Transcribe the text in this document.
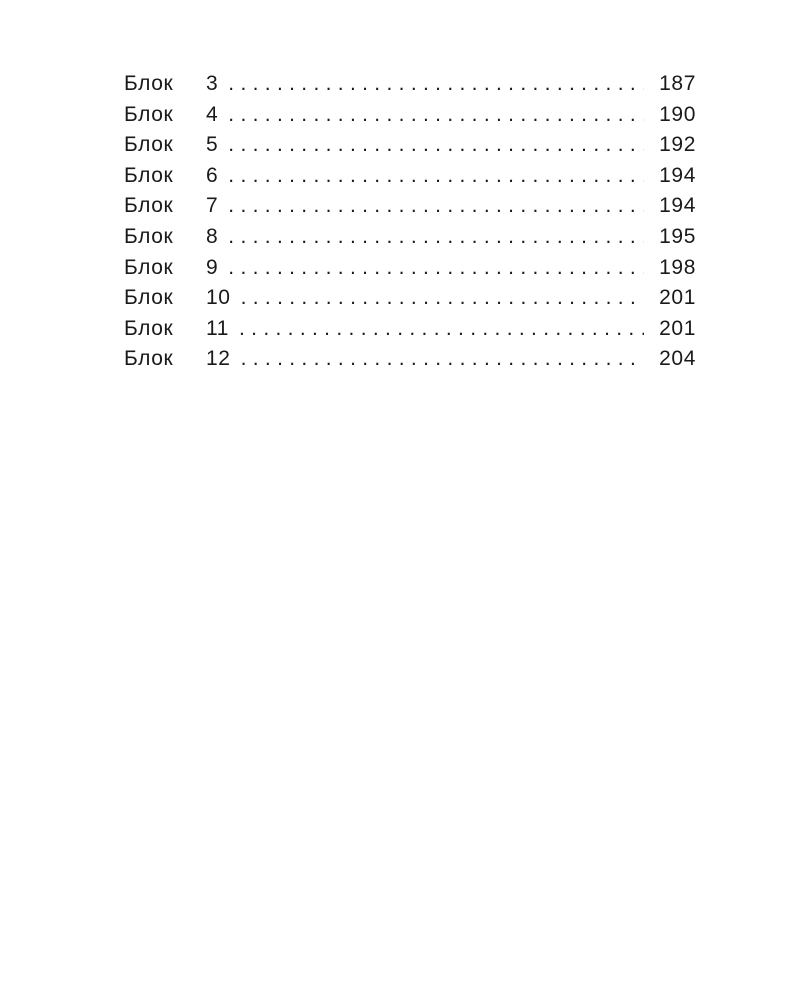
Блок 3 . . .	187
Блок 4 . . .	190
Блок 5 . . .	192
Блок 6 . . .	194
Блок 7 . . .	194
Блок 8 . . .	195
Блок 9 . . .	198
Блок 10 . . .	201
Блок 11 . . .	201
Блок 12 . . .	204
